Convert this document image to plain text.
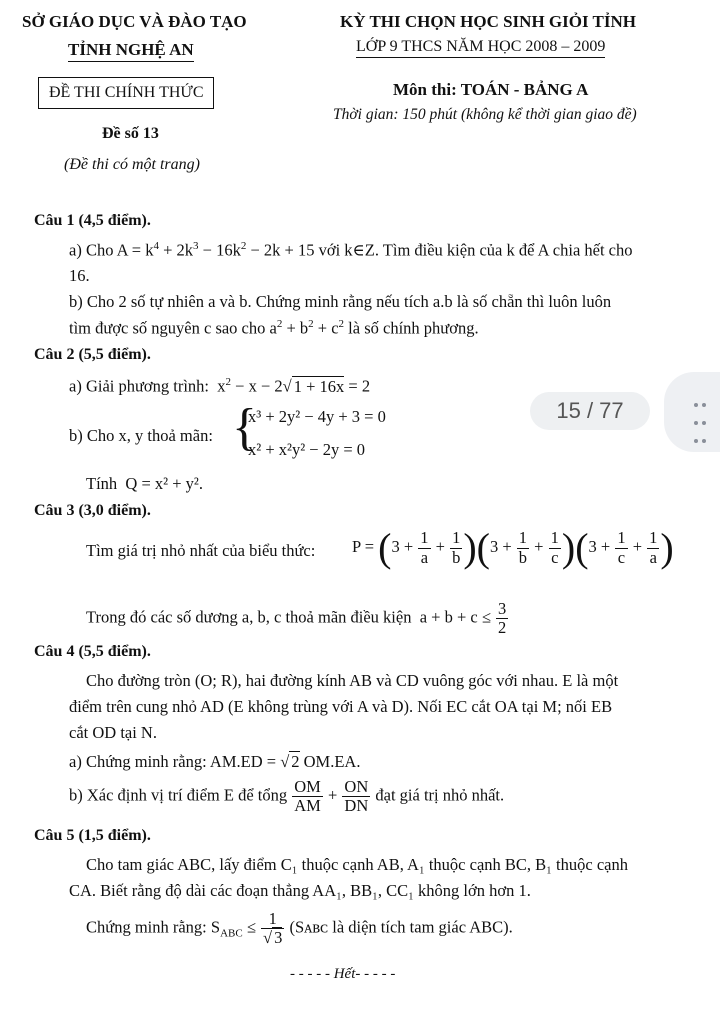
SỞ GIÁO DỤC VÀ ĐÀO TẠO
TỈNH NGHỆ AN
KỲ THI CHỌN HỌC SINH GIỎI TỈNH
LỚP 9 THCS NĂM HỌC 2008 – 2009
ĐỀ THI CHÍNH THỨC	Môn thi: TOÁN - BẢNG A
Thời gian: 150 phút (không kể thời gian giao đề)
Đề số 13
(Đề thi có một trang)
Câu 1 (4,5 điểm).
a) Cho $A = k^4 + 2k^3 - 16k^2 - 2k + 15$ với k∈Z. Tìm điều kiện của k để A chia hết cho
16.
b) Cho 2 số tự nhiên a và b. Chứng minh rằng nếu tích a.b là số chẵn thì luôn luôn
tìm được số nguyên c sao cho $a^2 + b^2 + c^2$ là số chính phương.
Câu 2 (5,5 điểm).
a) Giải phương trình:  $x^2 - x - 2√$ 1 + 16x = 2
b) Cho x, y thoả mãn: {
x³ + 2y² − 4y + 3 = 0
x² + x²y² − 2y = 0
Tính Q = x² + y².
Câu 3 (3,0 điểm).
Tìm giá trị nhỏ nhất của biểu thức: $P = (3 + \frac{1}{a} + \frac{1}{b} )(3 + \frac{1}{b} + \frac{1}{c} )(3 + \frac{1}{c} + \frac{1}{a}$ )
Trong đó các số dương a, b, c thoả mãn điều kiện  $a + b + c \le \frac{3}{2}$
Câu 4 (5,5 điểm).
Cho đường tròn (O; R), hai đường kính AB và CD vuông góc với nhau. E là một
điểm trên cung nhỏ AD (E không trùng với A và D). Nối EC cắt OA tại M; nối EB
cắt OD tại N.
a) Chứng minh rằng: AM.ED = √ 2 OM.EA.
b) Xác định vị trí điểm E để tổng $\frac{OM}{AM} + \frac{ON}{DN}$ đạt giá trị nhỏ nhất.
Câu 5 (1,5 điểm).
Cho tam giác ABC, lấy điểm C₁ thuộc cạnh AB, A₁ thuộc cạnh BC, B₁ thuộc cạnh
CA. Biết rằng độ dài các đoạn thẳng AA₁, BB₁, CC₁ không lớn hơn 1.
Chứng minh rằng: $S_{ABC} \le \frac{1}{√ 3}$ (Sᴀʙᴄ là diện tích tam giác ABC).
- - - - - Hết- - - - -
15 / 77
